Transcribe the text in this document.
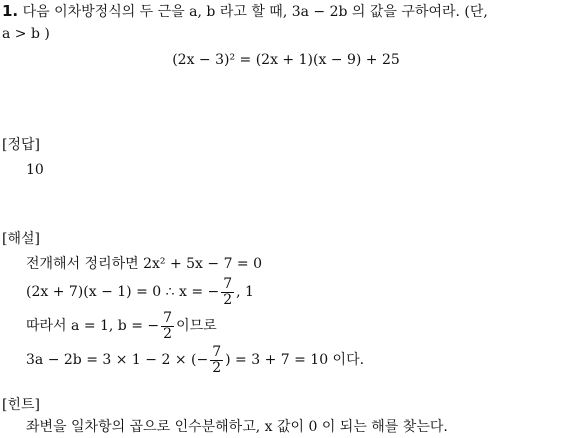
1. 다음 이차방정식의 두 근을 a, b 라고 할 때, 3a − 2b 의 값을 구하여라. (단,
a > b )
(2x − 3)² = (2x + 1)(x − 9) + 25
[정답]
10
[해설]
전개해서 정리하면 2x² + 5x − 7 = 0
(2x + 7)(x − 1) = 0 ∴ x = − $\frac{7}{2}$ , 1
따라서 a = 1, b = − $\frac{7}{2}$ 이므로
3a − 2b = 3 × 1 − 2 × (− $\frac{7}{2}$ ) = 3 + 7 = 10 이다.
[힌트]
좌변을 일차항의 곱으로 인수분해하고, x 값이 0 이 되는 해를 찾는다.
